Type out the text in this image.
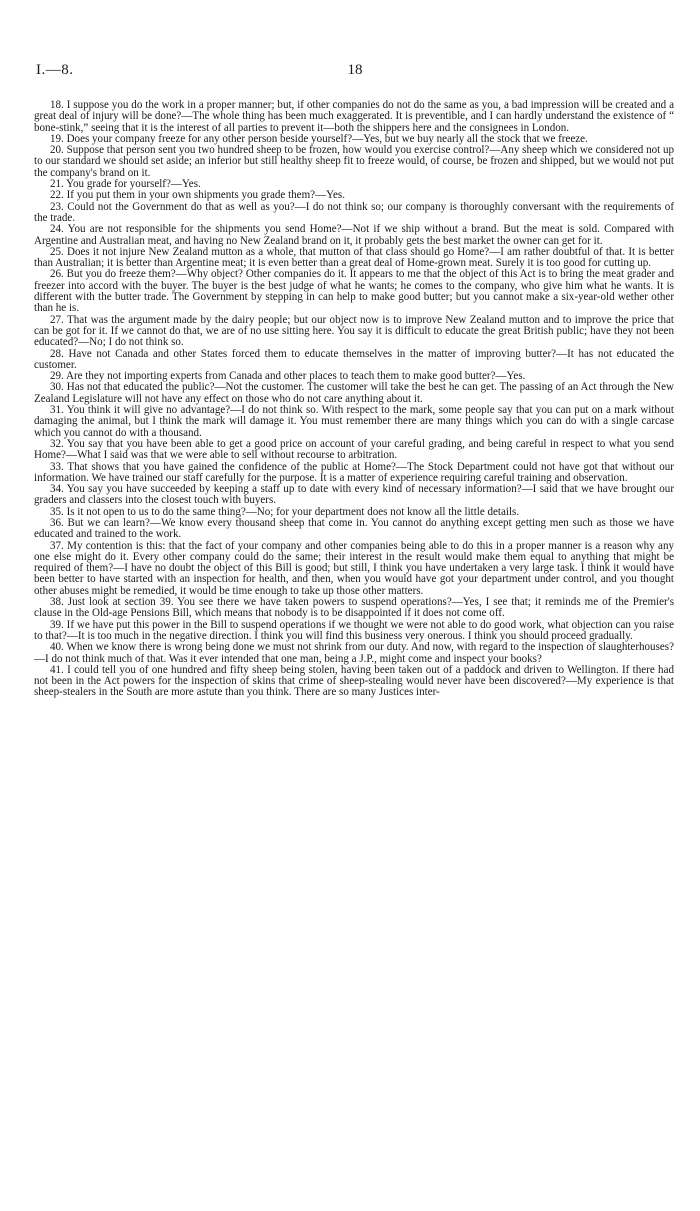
I.—8.	18

18. I suppose you do the work in a proper manner; but, if other companies do not do the same as you, a bad impression will be created and a great deal of injury will be done?—The whole thing has been much exaggerated. It is preventible, and I can hardly understand the existence of “ bone-stink,” seeing that it is the interest of all parties to prevent it—both the shippers here and the consignees in London.

19. Does your company freeze for any other person beside yourself?—Yes, but we buy nearly all the stock that we freeze.

20. Suppose that person sent you two hundred sheep to be frozen, how would you exercise control?—Any sheep which we considered not up to our standard we should set aside; an inferior but still healthy sheep fit to freeze would, of course, be frozen and shipped, but we would not put the company's brand on it.

21. You grade for yourself?—Yes.

22. If you put them in your own shipments you grade them?—Yes.

23. Could not the Government do that as well as you?—I do not think so; our company is thoroughly conversant with the requirements of the trade.

24. You are not responsible for the shipments you send Home?—Not if we ship without a brand. But the meat is sold. Compared with Argentine and Australian meat, and having no New Zealand brand on it, it probably gets the best market the owner can get for it.

25. Does it not injure New Zealand mutton as a whole, that mutton of that class should go Home?—I am rather doubtful of that. It is better than Australian; it is better than Argentine meat; it is even better than a great deal of Home-grown meat. Surely it is too good for cutting up.

26. But you do freeze them?—Why object? Other companies do it. It appears to me that the object of this Act is to bring the meat grader and freezer into accord with the buyer. The buyer is the best judge of what he wants; he comes to the company, who give him what he wants. It is different with the butter trade. The Government by stepping in can help to make good butter; but you cannot make a six-year-old wether other than he is.

27. That was the argument made by the dairy people; but our object now is to improve New Zealand mutton and to improve the price that can be got for it. If we cannot do that, we are of no use sitting here. You say it is difficult to educate the great British public; have they not been educated?—No; I do not think so.

28. Have not Canada and other States forced them to educate themselves in the matter of improving butter?—It has not educated the customer.

29. Are they not importing experts from Canada and other places to teach them to make good butter?—Yes.

30. Has not that educated the public?—Not the customer. The customer will take the best he can get. The passing of an Act through the New Zealand Legislature will not have any effect on those who do not care anything about it.

31. You think it will give no advantage?—I do not think so. With respect to the mark, some people say that you can put on a mark without damaging the animal, but I think the mark will damage it. You must remember there are many things which you can do with a single carcase which you cannot do with a thousand.

32. You say that you have been able to get a good price on account of your careful grading, and being careful in respect to what you send Home?—What I said was that we were able to sell without recourse to arbitration.

33. That shows that you have gained the confidence of the public at Home?—The Stock Department could not have got that without our information. We have trained our staff carefully for the purpose. It is a matter of experience requiring careful training and observation.

34. You say you have succeeded by keeping a staff up to date with every kind of necessary information?—I said that we have brought our graders and classers into the closest touch with buyers.

35. Is it not open to us to do the same thing?—No; for your department does not know all the little details.

36. But we can learn?—We know every thousand sheep that come in. You cannot do anything except getting men such as those we have educated and trained to the work.

37. My contention is this: that the fact of your company and other companies being able to do this in a proper manner is a reason why any one else might do it. Every other company could do the same; their interest in the result would make them equal to anything that might be required of them?—I have no doubt the object of this Bill is good; but still, I think you have undertaken a very large task. I think it would have been better to have started with an inspection for health, and then, when you would have got your department under control, and you thought other abuses might be remedied, it would be time enough to take up those other matters.

38. Just look at section 39. You see there we have taken powers to suspend operations?—Yes, I see that; it reminds me of the Premier's clause in the Old-age Pensions Bill, which means that nobody is to be disappointed if it does not come off.

39. If we have put this power in the Bill to suspend operations if we thought we were not able to do good work, what objection can you raise to that?—It is too much in the negative direction. I think you will find this business very onerous. I think you should proceed gradually.

40. When we know there is wrong being done we must not shrink from our duty. And now, with regard to the inspection of slaughterhouses?—I do not think much of that. Was it ever intended that one man, being a J.P., might come and inspect your books?

41. I could tell you of one hundred and fifty sheep being stolen, having been taken out of a paddock and driven to Wellington. If there had not been in the Act powers for the inspection of skins that crime of sheep-stealing would never have been discovered?—My experience is that sheep-stealers in the South are more astute than you think. There are so many Justices inter-
